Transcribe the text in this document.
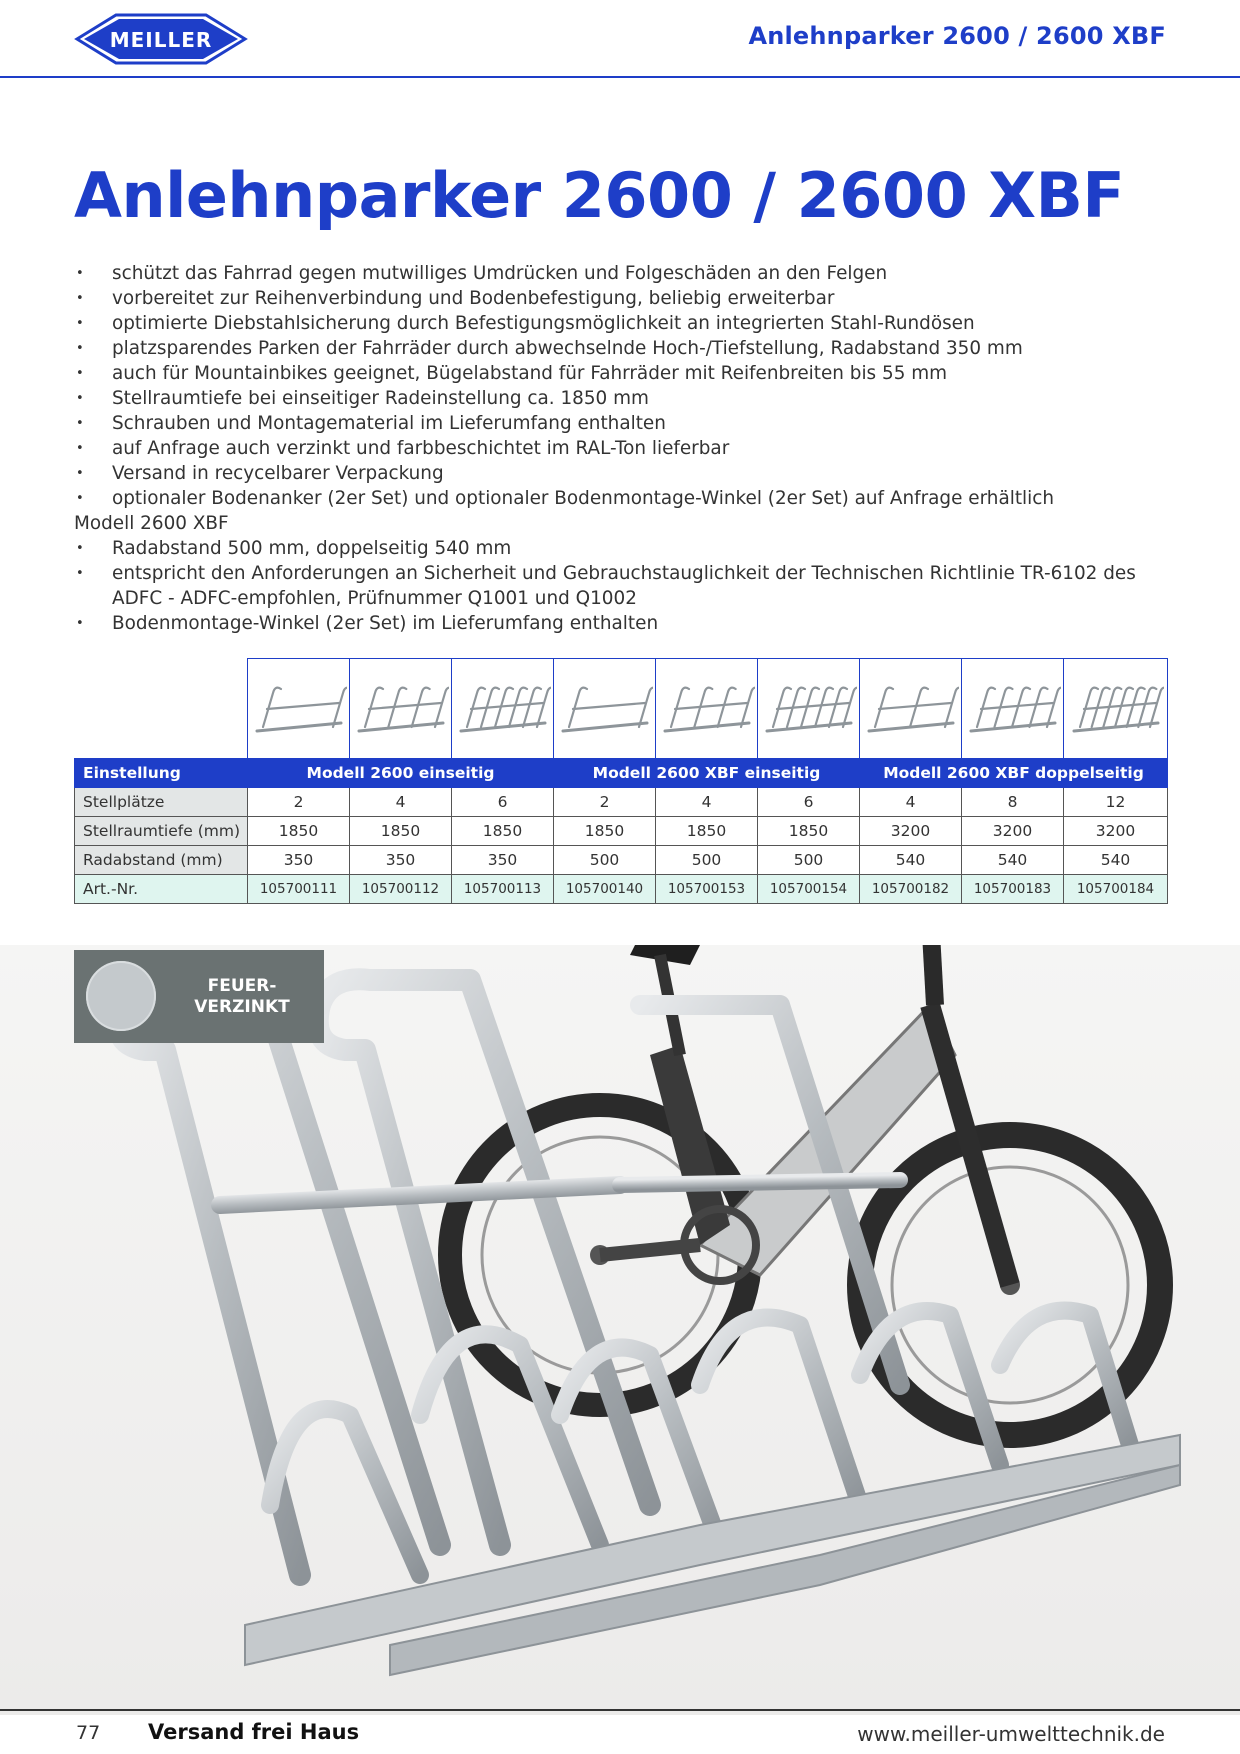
MEILLER	Anlehnparker 2600 / 2600 XBF
Anlehnparker 2600 / 2600 XBF
• schützt das Fahrrad gegen mutwilliges Umdrücken und Folgeschäden an den Felgen
• vorbereitet zur Reihenverbindung und Bodenbefestigung, beliebig erweiterbar
• optimierte Diebstahlsicherung durch Befestigungsmöglichkeit an integrierten Stahl-Rundösen
• platzsparendes Parken der Fahrräder durch abwechselnde Hoch-/Tiefstellung, Radabstand 350 mm
• auch für Mountainbikes geeignet, Bügelabstand für Fahrräder mit Reifenbreiten bis 55 mm
• Stellraumtiefe bei einseitiger Radeinstellung ca. 1850 mm
• Schrauben und Montagematerial im Lieferumfang enthalten
• auf Anfrage auch verzinkt und farbbeschichtet im RAL-Ton lieferbar
• Versand in recycelbarer Verpackung
• optionaler Bodenanker (2er Set) und optionaler Bodenmontage-Winkel (2er Set) auf Anfrage erhältlich
Modell 2600 XBF
• Radabstand 500 mm, doppelseitig 540 mm
• entspricht den Anforderungen an Sicherheit und Gebrauchstauglichkeit der Technischen Richtlinie TR-6102 des ADFC - ADFC-empfohlen, Prüfnummer Q1001 und Q1002
• Bodenmontage-Winkel (2er Set) im Lieferumfang enthalten

Einstellung	Modell 2600 einseitig			Modell 2600 XBF einseitig			Modell 2600 XBF doppelseitig		
Stellplätze	2	4	6	2	4	6	4	8	12
Stellraumtiefe (mm)	1850	1850	1850	1850	1850	1850	3200	3200	3200
Radabstand (mm)	350	350	350	500	500	500	540	540	540
Art.-Nr.	105700111	105700112	105700113	105700140	105700153	105700154	105700182	105700183	105700184
FEUER-
VERZINKT
77 Versand frei Haus	www.meiller-umwelttechnik.de
